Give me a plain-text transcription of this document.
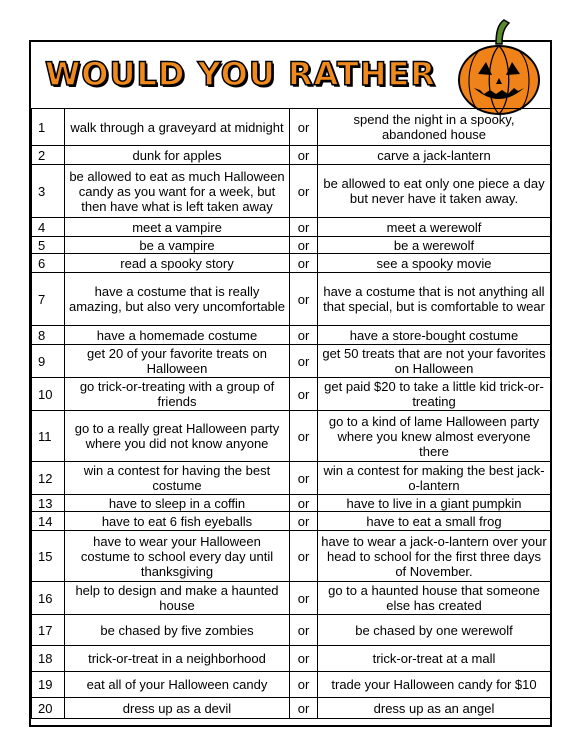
WOULD YOU RATHER
1	walk through a graveyard at midnight	or	spend the night in a spooky, abandoned house
2	dunk for apples	or	carve a jack-lantern
3	be allowed to eat as much Halloween candy as you want for a week, but then have what is left taken away	or	be allowed to eat only one piece a day but never have it taken away.
4	meet a vampire	or	meet a werewolf
5	be a vampire	or	be a werewolf
6	read a spooky story	or	see a spooky movie
7	have a costume that is really amazing, but also very uncomfortable	or	have a costume that is not anything all that special, but is comfortable to wear
8	have a homemade costume	or	have a store-bought costume
9	get 20 of your favorite treats on Halloween	or	get 50 treats that are not your favorites on Halloween
10	go trick-or-treating with a group of friends	or	get paid $20 to take a little kid trick-or-treating
11	go to a really great Halloween party where you did not know anyone	or	go to a kind of lame Halloween party where you knew almost everyone there
12	win a contest for having the best costume	or	win a contest for making the best jack-o-lantern
13	have to sleep in a coffin	or	have to live in a giant pumpkin
14	have to eat 6 fish eyeballs	or	have to eat a small frog
15	have to wear your Halloween costume to school every day until thanksgiving	or	have to wear a jack-o-lantern over your head to school for the first three days of November.
16	help to design and make a haunted house	or	go to a haunted house that someone else has created
17	be chased by five zombies	or	be chased by one werewolf
18	trick-or-treat in a neighborhood	or	trick-or-treat at a mall
19	eat all of your Halloween candy	or	trade your Halloween candy for $10
20	dress up as a devil	or	dress up as an angel
